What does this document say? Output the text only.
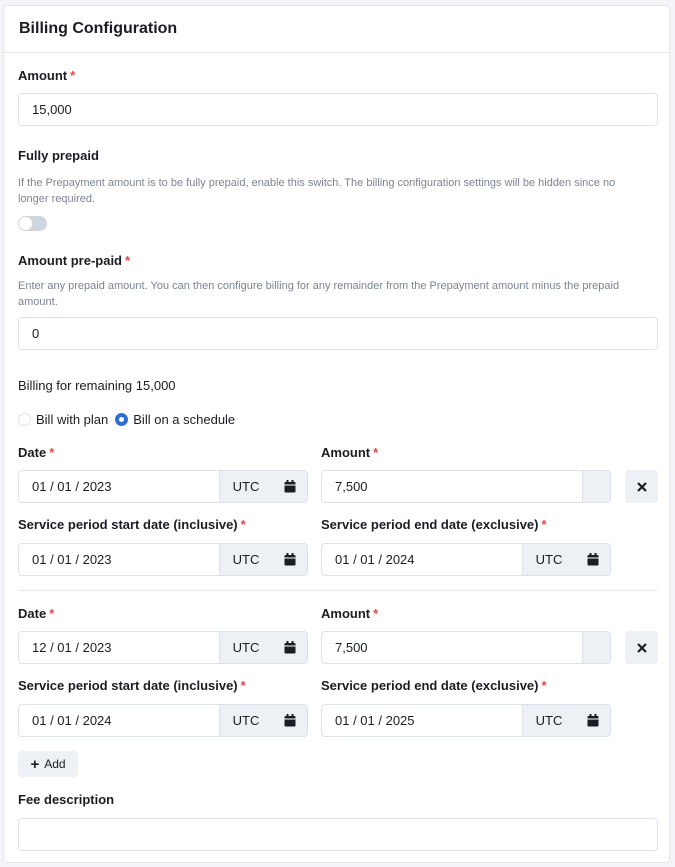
Billing Configuration
Amount *
15,000
Fully prepaid
If the Prepayment amount is to be fully prepaid, enable this switch. The billing configuration settings will be hidden since no longer required.
Amount pre-paid *
Enter any prepaid amount. You can then configure billing for any remainder from the Prepayment amount minus the prepaid amount.
0
Billing for remaining 15,000
Bill with plan Bill on a schedule
Date *	Amount *
01 / 01 / 2023	UTC	7,500
Service period start date (inclusive) *	Service period end date (exclusive) *
01 / 01 / 2023	UTC	01 / 01 / 2024	UTC
Date *	Amount *
12 / 01 / 2023	UTC	7,500
Service period start date (inclusive) *	Service period end date (exclusive) *
01 / 01 / 2024	UTC	01 / 01 / 2025	UTC
+ Add
Fee description
